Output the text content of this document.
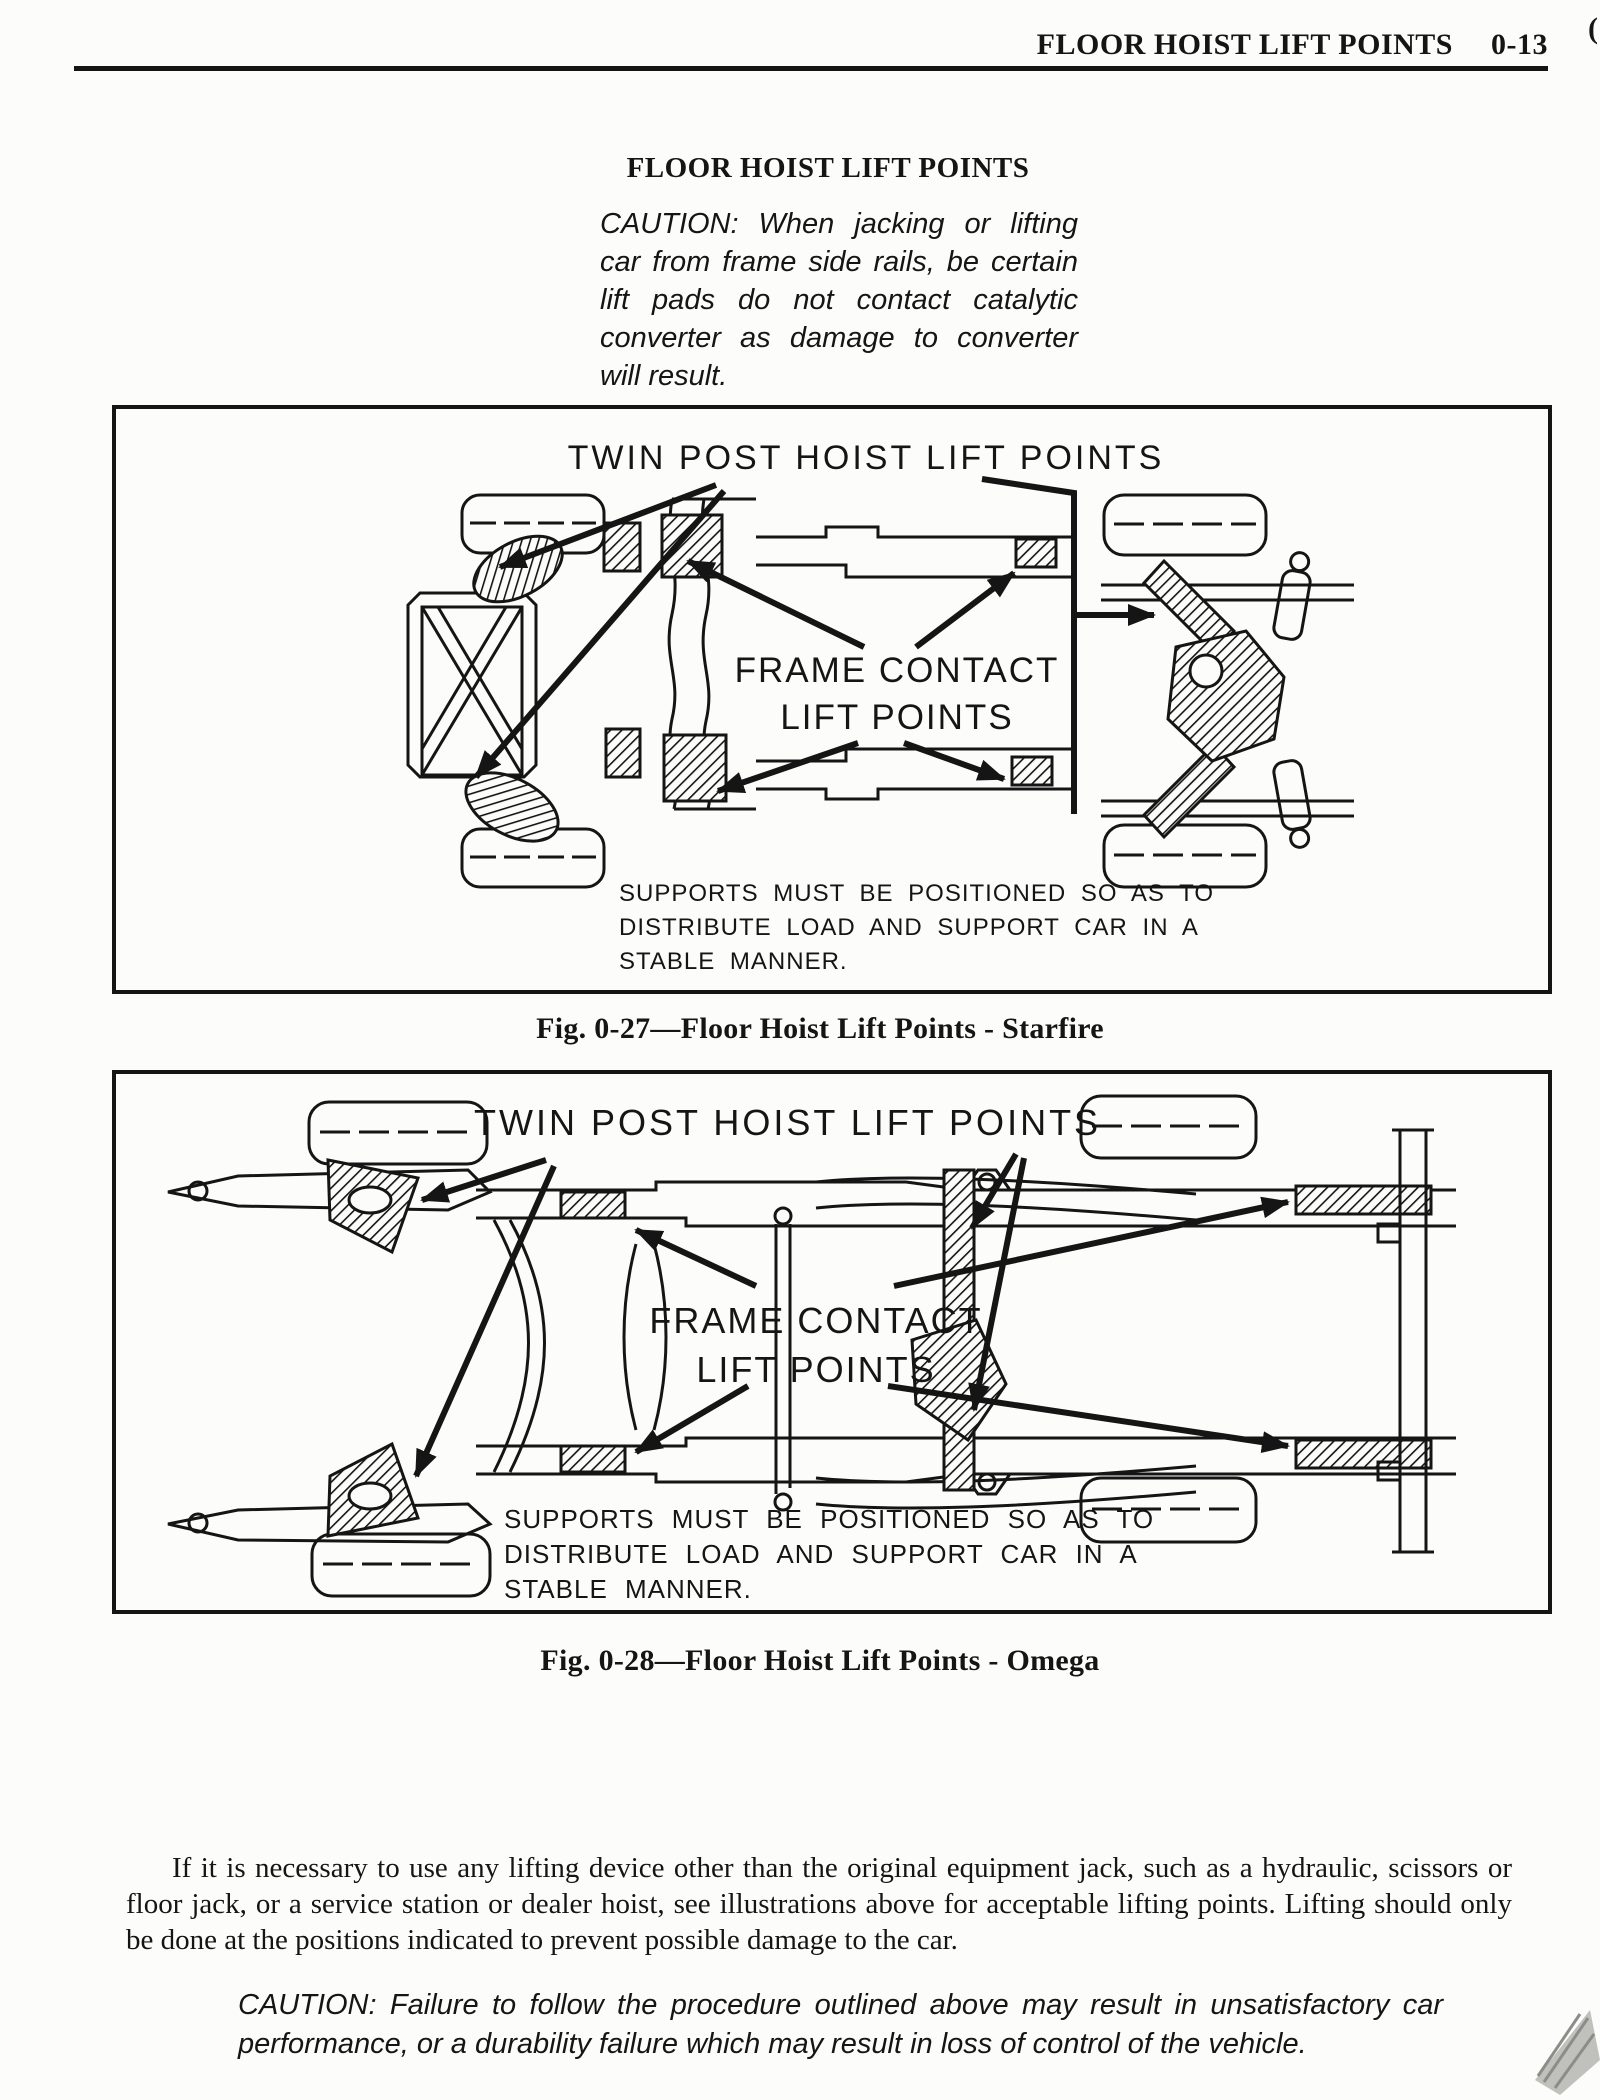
FLOOR HOIST LIFT POINTS 0-13 (
FLOOR HOIST LIFT POINTS
CAUTION: When jacking or lifting car from frame side rails, be certain lift pads do not contact catalytic converter as damage to converter will result.
TWIN POST HOIST LIFT POINTS
FRAME CONTACT
LIFT POINTS
SUPPORTS MUST BE POSITIONED SO AS TO
DISTRIBUTE LOAD AND SUPPORT CAR IN A
STABLE MANNER.
Fig. 0-27—Floor Hoist Lift Points - Starfire
TWIN POST HOIST LIFT POINTS
FRAME CONTACT
LIFT POINTS
SUPPORTS MUST BE POSITIONED SO AS TO
DISTRIBUTE LOAD AND SUPPORT CAR IN A
STABLE MANNER.
Fig. 0-28—Floor Hoist Lift Points - Omega
If it is necessary to use any lifting device other than the original equipment jack, such as a hydraulic, scissors or floor jack, or a service station or dealer hoist, see illustrations above for acceptable lifting points. Lifting should only be done at the positions indicated to prevent possible damage to the car.
CAUTION: Failure to follow the procedure outlined above may result in unsatisfactory car performance, or a durability failure which may result in loss of control of the vehicle.
